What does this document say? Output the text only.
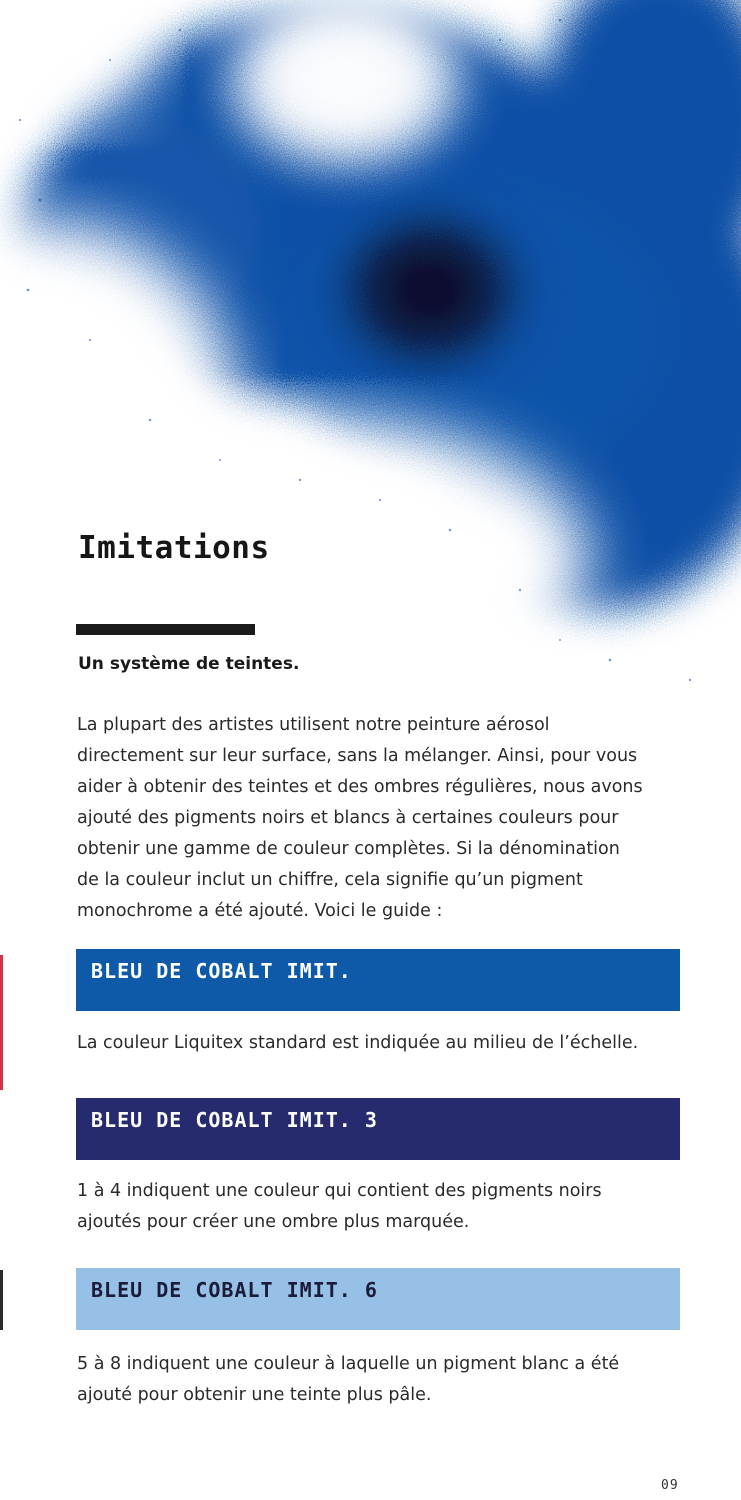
Imitations

Un système de teintes.

La plupart des artistes utilisent notre peinture aérosol
directement sur leur surface, sans la mélanger. Ainsi, pour vous
aider à obtenir des teintes et des ombres régulières, nous avons
ajouté des pigments noirs et blancs à certaines couleurs pour
obtenir une gamme de couleur complètes. Si la dénomination
de la couleur inclut un chiffre, cela signifie qu’un pigment
monochrome a été ajouté. Voici le guide :

BLEU DE COBALT IMIT.

La couleur Liquitex standard est indiquée au milieu de l’échelle.

BLEU DE COBALT IMIT. 3

1 à 4 indiquent une couleur qui contient des pigments noirs
ajoutés pour créer une ombre plus marquée.

BLEU DE COBALT IMIT. 6

5 à 8 indiquent une couleur à laquelle un pigment blanc a été
ajouté pour obtenir une teinte plus pâle.

09
